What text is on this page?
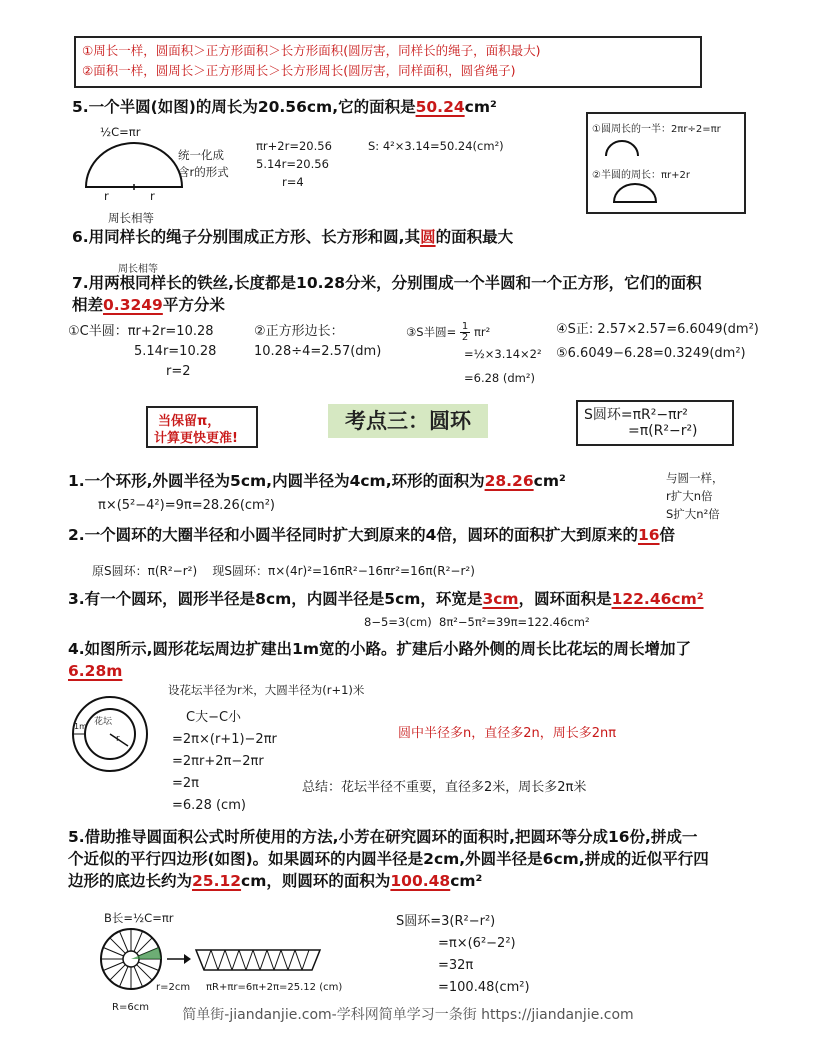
①周长一样，圆面积＞正方形面积＞长方形面积(圆厉害，同样长的绳子，面积最大)
②面积一样，圆周长＞正方形周长＞长方形周长(圆厉害，同样面积，圆省绳子)
5.一个半圆(如图)的周长为20.56cm,它的面积是50.24cm²
½C=πr
r	r
周长相等
统一化成
含r的形式
πr+2r=20.56
5.14r=20.56
r=4
S: 4²×3.14=50.24(cm²)
①圆周长的一半：2πr÷2=πr
②半圆的周长：πr+2r
6.用同样长的绳子分别围成正方形、长方形和圆,其圆的面积最大
周长相等
7.用两根同样长的铁丝,长度都是10.28分米，分别围成一个半圆和一个正方形，它们的面积
相差0.3249平方分米
①C半圆：πr+2r=10.28
5.14r=10.28
r=2
②正方形边长：
10.28÷4=2.57(dm)
③S半圆= $\frac{1}{2} \pi r^2$
=½×3.14×2²
=6.28 (dm²)
④S正: 2.57×2.57=6.6049(dm²)
⑤6.6049−6.28=0.3249(dm²)
当保留π，
计算更快更准!
考点三：圆环	S圆环=πR²−πr²
=π(R²−r²)
1.一个环形,外圆半径为5cm,内圆半径为4cm,环形的面积为28.26cm²
π×(5²−4²)=9π=28.26(cm²)
与圆一样，
r扩大n倍
S扩大n²倍
2.一个圆环的大圈半径和小圆半径同时扩大到原来的4倍，圆环的面积扩大到原来的16倍
原S圆环：π(R²−r²)    现S圆环：π×(4r)²=16πR²−16πr²=16π(R²−r²)
3.有一个圆环，圆形半径是8cm，内圆半径是5cm，环宽是3cm，圆环面积是122.46cm²
8−5=3(cm)  8π²−5π²=39π=122.46cm²
4.如图所示,圆形花坛周边扩建出1m宽的小路。扩建后小路外侧的周长比花坛的周长增加了
6.28m
设花坛半径为r米，大圆半径为(r+1)米
花坛
1m
r
C大−C小
=2π×(r+1)−2πr
=2πr+2π−2πr
=2π
=6.28 (cm)
圆中半径多n，直径多2n，周长多2nπ
总结：花坛半径不重要，直径多2米，周长多2π米
5.借助推导圆面积公式时所使用的方法,小芳在研究圆环的面积时,把圆环等分成16份,拼成一
个近似的平行四边形(如图)。如果圆环的内圆半径是2cm,外圆半径是6cm,拼成的近似平行四
边形的底边长约为25.12cm，则圆环的面积为100.48cm²
B长=½C=πr
r=2cm πR+πr=6π+2π=25.12 (cm)
R=6cm
S圆环=3(R²−r²)
=π×(6²−2²)
=32π
=100.48(cm²)
简单街-jiandanjie.com-学科网简单学习一条街 https://jiandanjie.com
